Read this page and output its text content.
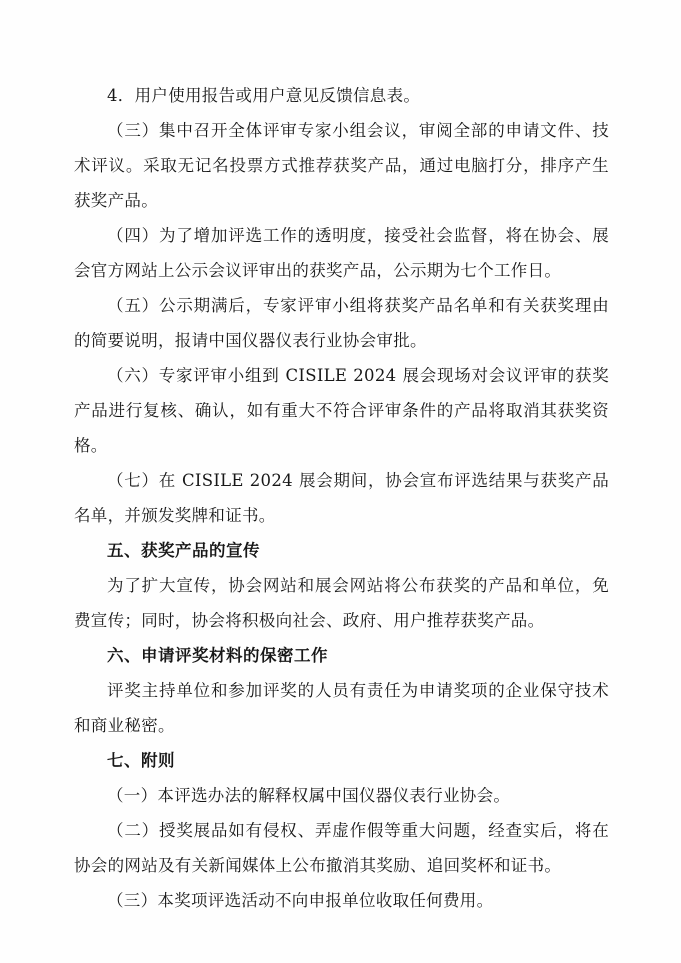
4．用户使用报告或用户意见反馈信息表。

（三）集中召开全体评审专家小组会议，审阅全部的申请文件、技术评议。采取无记名投票方式推荐获奖产品，通过电脑打分，排序产生获奖产品。

（四）为了增加评选工作的透明度，接受社会监督，将在协会、展会官方网站上公示会议评审出的获奖产品，公示期为七个工作日。

（五）公示期满后，专家评审小组将获奖产品名单和有关获奖理由的简要说明，报请中国仪器仪表行业协会审批。

（六）专家评审小组到 CISILE 2024 展会现场对会议评审的获奖产品进行复核、确认，如有重大不符合评审条件的产品将取消其获奖资格。

（七）在 CISILE 2024 展会期间，协会宣布评选结果与获奖产品名单，并颁发奖牌和证书。

五、获奖产品的宣传

为了扩大宣传，协会网站和展会网站将公布获奖的产品和单位，免费宣传；同时，协会将积极向社会、政府、用户推荐获奖产品。

六、申请评奖材料的保密工作

评奖主持单位和参加评奖的人员有责任为申请奖项的企业保守技术和商业秘密。

七、附则

（一）本评选办法的解释权属中国仪器仪表行业协会。

（二）授奖展品如有侵权、弄虚作假等重大问题，经查实后，将在协会的网站及有关新闻媒体上公布撤消其奖励、追回奖杯和证书。

（三）本奖项评选活动不向申报单位收取任何费用。
